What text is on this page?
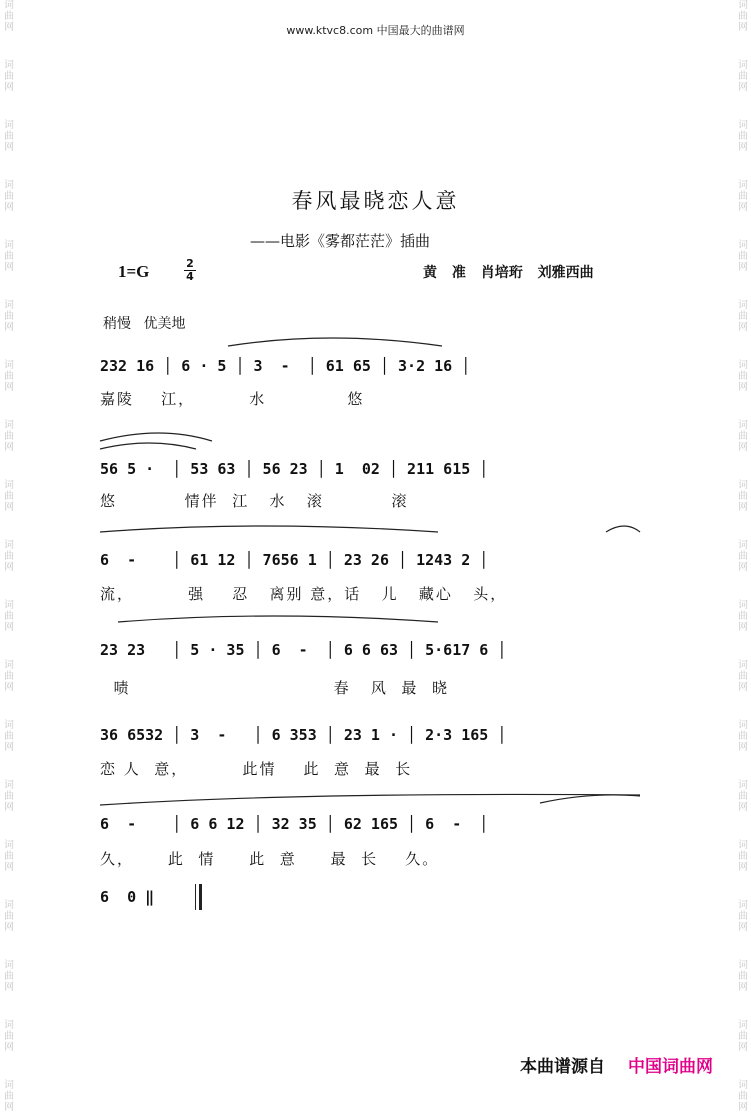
词曲网
词曲网
词曲网
词曲网
词曲网
词曲网
词曲网
词曲网
词曲网
词曲网
词曲网
词曲网
词曲网
词曲网
词曲网
词曲网
词曲网
词曲网
词曲网
词曲网
词曲网
词曲网
词曲网
词曲网
词曲网
词曲网
词曲网
词曲网
词曲网
词曲网
词曲网
词曲网
词曲网
词曲网
词曲网
词曲网
词曲网
词曲网
www.ktvc8.com 中国最大的曲谱网
春风最晓恋人意
——电影《雾都茫茫》插曲
1=G	2
4	黄 准 肖培珩 刘雅西曲
稍慢 优美地
232 16 │ 6 · 5 │ 3  -  │ 61 65 │ 3·2 16 │
嘉陵    江，        水            悠
56 5 ·  │ 53 63 │ 56 23 │ 1  02 │ 211 615 │
悠          情伴  江   水   滚          滚
6  -    │ 61 12 │ 7656 1 │ 23 26 │ 1243 2 │
流，        强    忍   离别 意，话   儿   藏心   头，
23 23   │ 5 · 35 │ 6  -  │ 6 6 63 │ 5·617 6 │
啧                              春   风  最  晓
36 6532 │ 3  -   │ 6 353 │ 23 1 · │ 2·3 165 │
恋 人  意，        此情    此  意  最  长
6  -    │ 6 6 12 │ 32 35 │ 62 165 │ 6  -  │
久，     此  情     此  意     最  长    久。
6  0 ‖
本曲谱源自 中国词曲网
